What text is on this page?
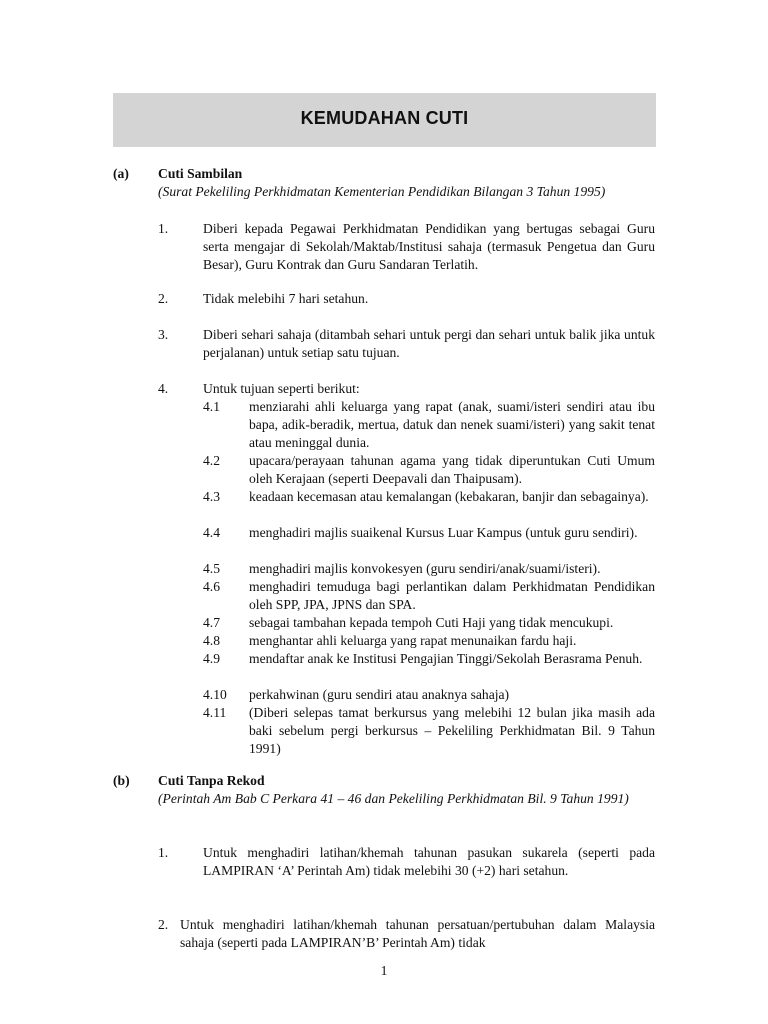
KEMUDAHAN CUTI
(a) Cuti Sambilan
(Surat Pekeliling Perkhidmatan Kementerian Pendidikan Bilangan 3 Tahun 1995)
1.	Diberi kepada Pegawai Perkhidmatan Pendidikan yang bertugas sebagai Guru serta mengajar di Sekolah/Maktab/Institusi sahaja (termasuk Pengetua dan Guru Besar), Guru Kontrak dan Guru Sandaran Terlatih.
2.	Tidak melebihi 7 hari setahun.
3.	Diberi sehari sahaja (ditambah sehari untuk pergi dan sehari untuk balik jika untuk perjalanan) untuk setiap satu tujuan.
4.	Untuk tujuan seperti berikut:
4.1 menziarahi ahli keluarga yang rapat (anak, suami/isteri sendiri atau ibu bapa, adik-beradik, mertua, datuk dan nenek suami/isteri) yang sakit tenat atau meninggal dunia.
4.2 upacara/perayaan tahunan agama yang tidak diperuntukan Cuti Umum oleh Kerajaan (seperti Deepavali dan Thaipusam).
4.3 keadaan kecemasan atau kemalangan (kebakaran, banjir dan sebagainya).
4.4 menghadiri majlis suaikenal Kursus Luar Kampus (untuk guru sendiri).
4.5 menghadiri majlis konvokesyen (guru sendiri/anak/suami/isteri).
4.6 menghadiri temuduga bagi perlantikan dalam Perkhidmatan Pendidikan oleh SPP, JPA, JPNS dan SPA.
4.7 sebagai tambahan kepada tempoh Cuti Haji yang tidak mencukupi.
4.8 menghantar ahli keluarga yang rapat menunaikan fardu haji.
4.9 mendaftar anak ke Institusi Pengajian Tinggi/Sekolah Berasrama Penuh.
4.10 perkahwinan (guru sendiri atau anaknya sahaja)
4.11 (Diberi selepas tamat berkursus yang melebihi 12 bulan jika masih ada baki sebelum pergi berkursus – Pekeliling Perkhidmatan Bil. 9 Tahun 1991)
(b) Cuti Tanpa Rekod
(Perintah Am Bab C Perkara 41 – 46 dan Pekeliling Perkhidmatan Bil. 9 Tahun 1991)
1.	Untuk menghadiri latihan/khemah tahunan pasukan sukarela (seperti pada LAMPIRAN ‘A’ Perintah Am) tidak melebihi 30 (+2) hari setahun.
2. Untuk menghadiri latihan/khemah tahunan persatuan/pertubuhan dalam Malaysia sahaja (seperti pada LAMPIRAN’B’ Perintah Am) tidak
1
